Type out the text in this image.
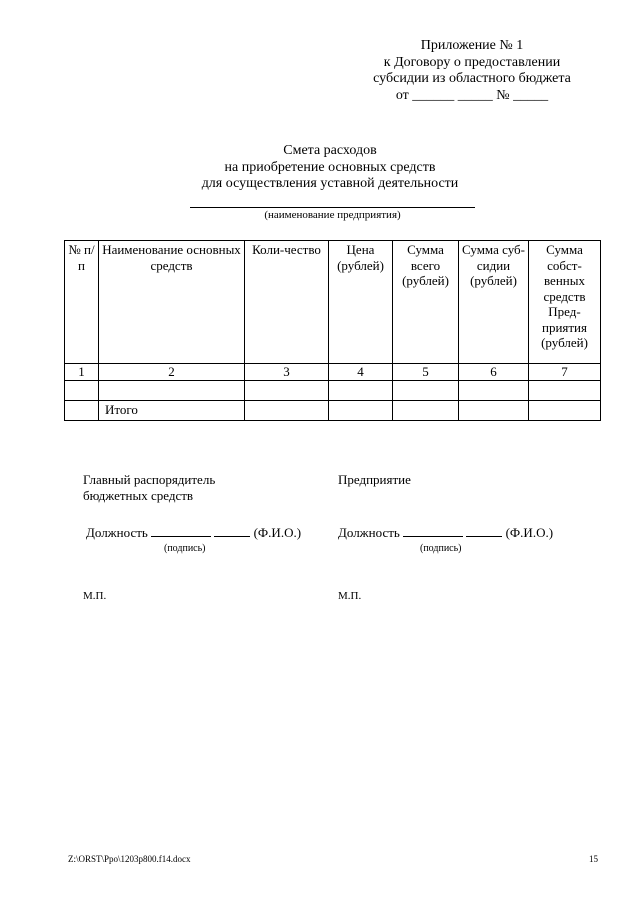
Приложение № 1
к Договору о предоставлении
субсидии из областного бюджета
от ______ _____ № _____
Смета расходов
на приобретение основных средств
для осуществления уставной деятельности
(наименование предприятия)
№ п/п	Наименование основных средств	Коли-чество	Цена (рублей)	Сумма всего (рублей)	Сумма суб-сидии (рублей)	Сумма собст-венных средств Пред-приятия (рублей)
1	2	3	4	5	6	7

	Итого					
Главный распорядитель
бюджетных средств
Предприятие
Должность	(Ф.И.О.)	Должность	(Ф.И.О.)
(подпись)	(подпись)
М.П.	М.П.
Z:\ORST\Ppo\1203p800.f14.docx	15
